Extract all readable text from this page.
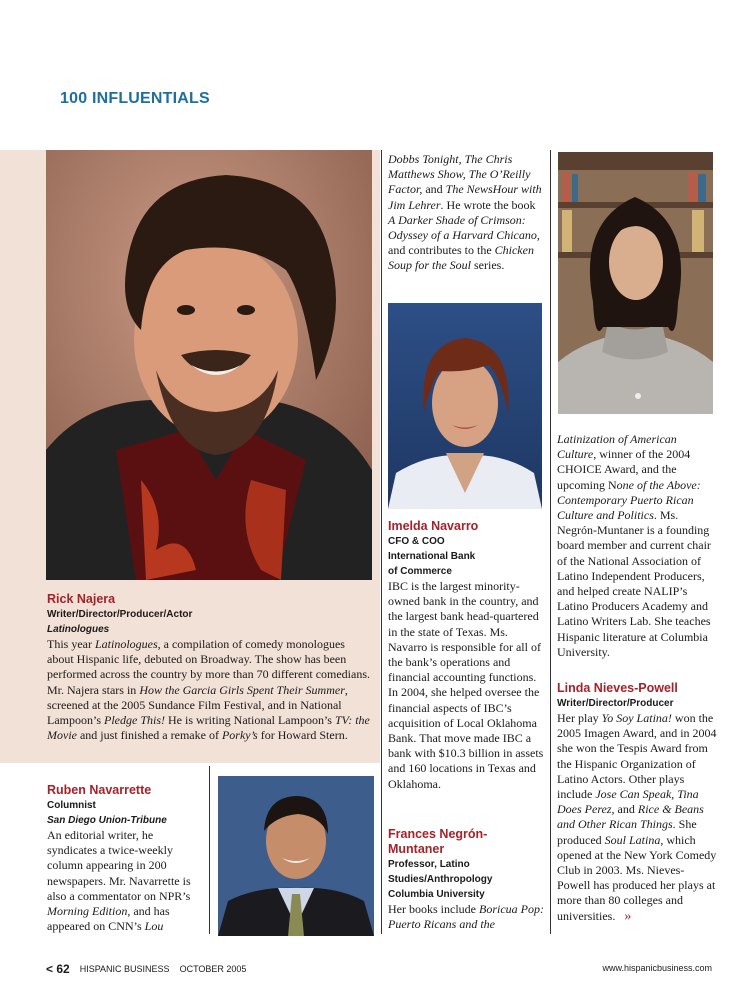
100 INFLUENTIALS
Rick Najera
Writer/Director/Producer/Actor
Latinologues
This year Latinologues, a compilation of comedy monologues about Hispanic life, debuted on Broadway. The show has been performed across the country by more than 70 different comedians. Mr. Najera stars in How the Garcia Girls Spent Their Summer, screened at the 2005 Sundance Film Festival, and in National Lampoon’s Pledge This! He is writing National Lampoon’s TV: the Movie and just finished a remake of Porky’s for Howard Stern.
Ruben Navarrette
Columnist
San Diego Union-Tribune
An editorial writer, he syndicates a twice-weekly column appearing in 200 newspapers. Mr. Navarrette is also a commentator on NPR’s Morning Edition, and has appeared on CNN’s Lou
Dobbs Tonight, The Chris Matthews Show, The O’Reilly Factor, and The NewsHour with Jim Lehrer. He wrote the book A Darker Shade of Crimson: Odyssey of a Harvard Chicano, and contributes to the Chicken Soup for the Soul series.
Imelda Navarro
CFO & COO
International Bank
of Commerce
IBC is the largest minority-owned bank in the country, and the largest bank head-quartered in the state of Texas. Ms. Navarro is responsible for all of the bank’s operations and financial accounting functions. In 2004, she helped oversee the financial aspects of IBC’s acquisition of Local Oklahoma Bank. That move made IBC a bank with $10.3 billion in assets and 160 locations in Texas and Oklahoma.
Frances Negrón-
Muntaner
Professor, Latino
Studies/Anthropology
Columbia University
Her books include Boricua Pop: Puerto Ricans and the
Latinization of American Culture, winner of the 2004 CHOICE Award, and the upcoming None of the Above: Contemporary Puerto Rican Culture and Politics. Ms. Negrón-Muntaner is a founding board member and current chair of the National Association of Latino Independent Producers, and helped create NALIP’s Latino Producers Academy and Latino Writers Lab. She teaches Hispanic literature at Columbia University.
Linda Nieves-Powell
Writer/Director/Producer
Her play Yo Soy Latina! won the 2005 Imagen Award, and in 2004 she won the Tespis Award from the Hispanic Organization of Latino Actors. Other plays include Jose Can Speak, Tina Does Perez, and Rice & Beans and Other Rican Things. She produced Soul Latina, which opened at the New York Comedy Club in 2003. Ms. Nieves-Powell has produced her plays at more than 80 colleges and universities. »
< 62 HISPANIC BUSINESS OCTOBER 2005	www.hispanicbusiness.com
